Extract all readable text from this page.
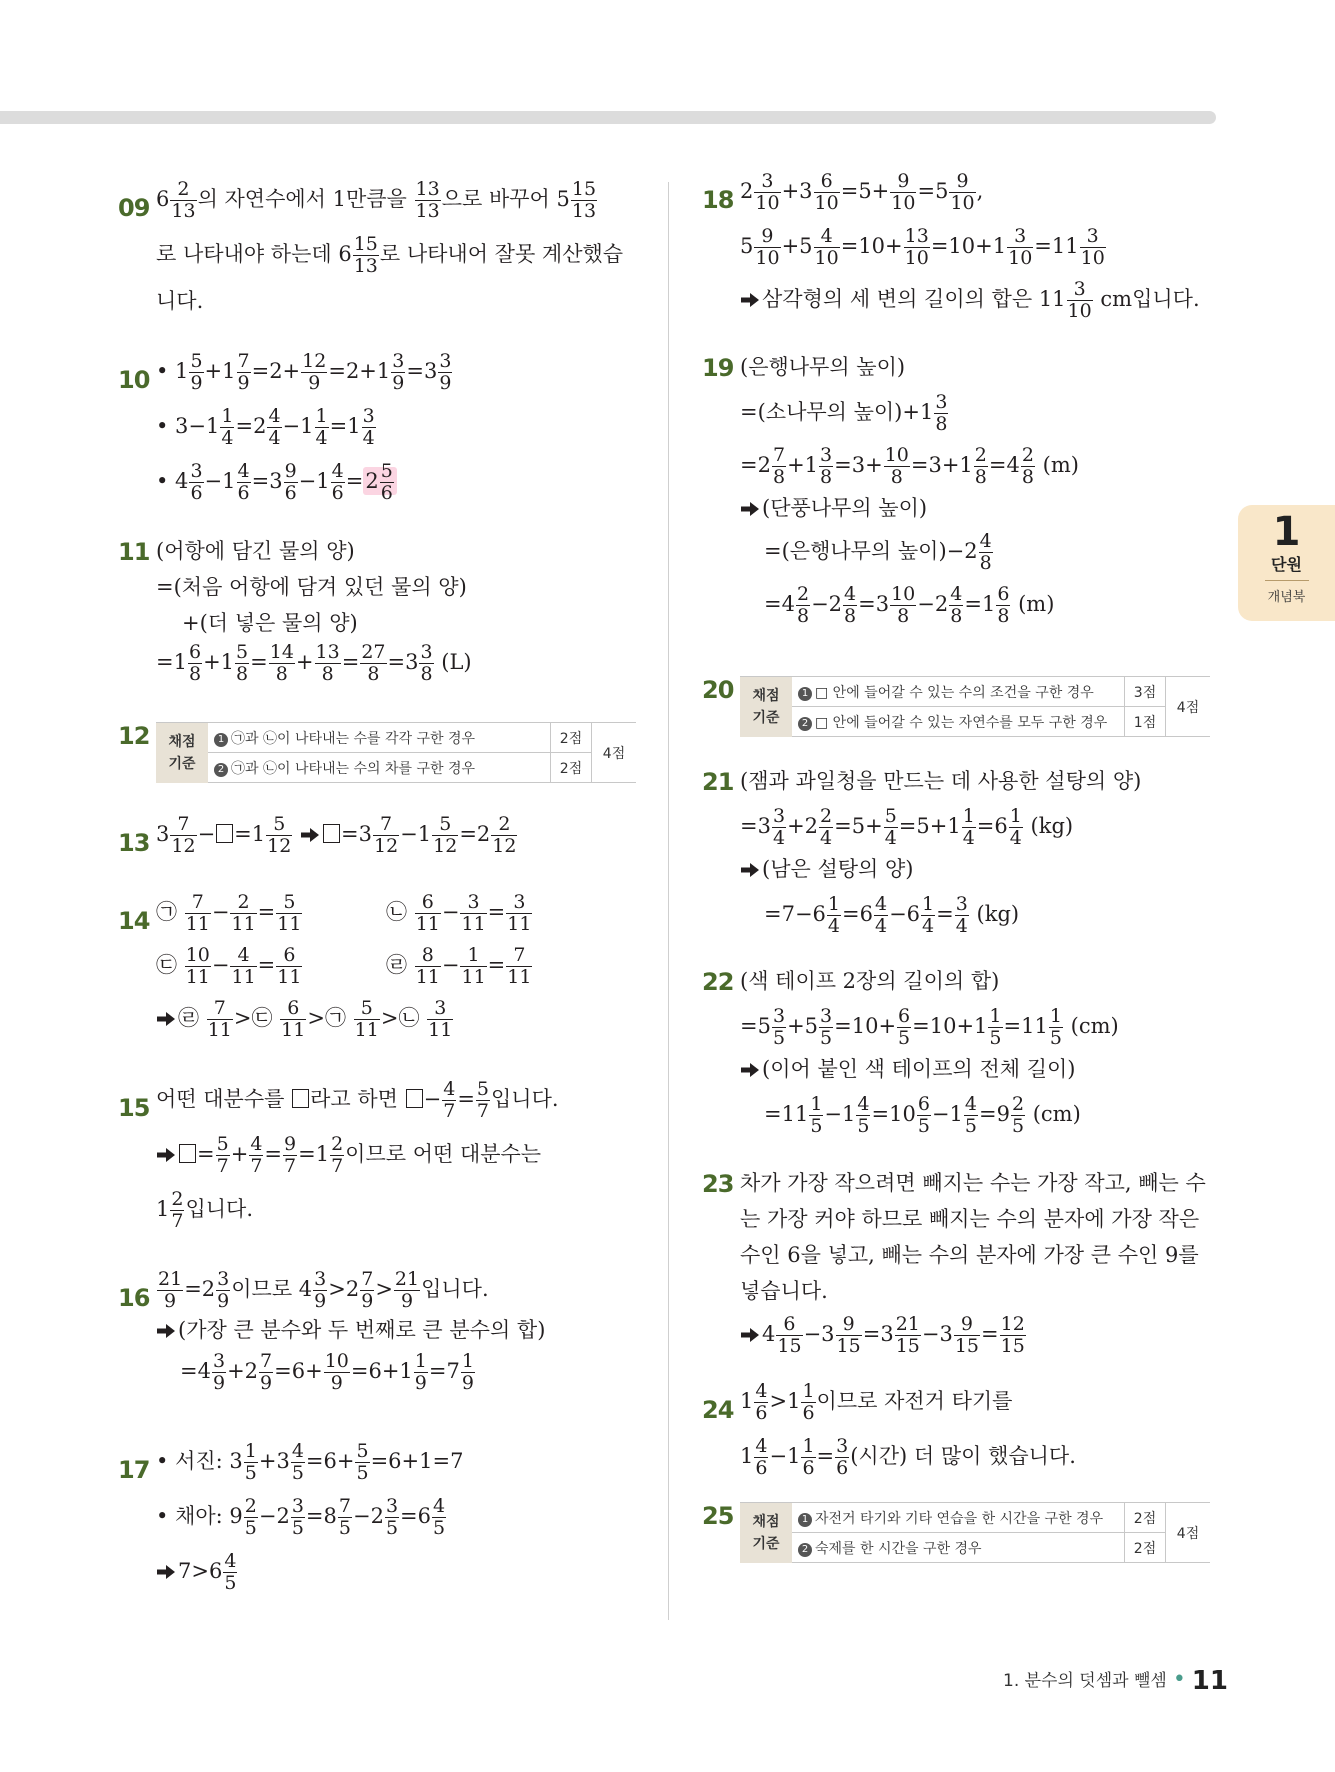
1
단원
개념북
09 $6 \frac{2}{13}$ 의 자연수에서 1만큼을 $\frac{13}{13}$ 으로 바꾸어 $5 \frac{15}{13}$
로 나타내야 하는데 $6 \frac{15}{13}$ 로 나타내어 잘못 계산했습
니다.
10 • $1 \frac{5}{9} +1 \frac{7}{9} =2+ \frac{12}{9} =2+1 \frac{3}{9} =3 \frac{3}{9}$
• $3-1 \frac{1}{4} =2 \frac{4}{4} -1 \frac{1}{4} =1 \frac{3}{4}$
• $4 \frac{3}{6} -1 \frac{4}{6} =3 \frac{9}{6} -1 \frac{4}{6} =2 \frac{5}{6}$
11 (어항에 담긴 물의 양)
=(처음 어항에 담겨 있던 물의 양)
+(더 넣은 물의 양)
$=1 \frac{6}{8} +1 \frac{5}{8} = \frac{14}{8} + \frac{13}{8} = \frac{27}{8} =3 \frac{3}{8} (L)$
12 채점
기준	1 ㉠과 ㉡이 나타내는 수를 각각 구한 경우	2점	4점
	2 ㉠과 ㉡이 나타내는 수의 차를 구한 경우	2점	
13 $3 \frac{7}{12} - =1 \frac{5}{12} =3 \frac{7}{12} -1 \frac{5}{12} =2 \frac{2}{12}$
14 ㉠ $\frac{7}{11} - \frac{2}{11} = \frac{5}{11}$	㉡ $\frac{6}{11} - \frac{3}{11} = \frac{3}{11}$
㉢ $\frac{10}{11} - \frac{4}{11} = \frac{6}{11}$	㉣ $\frac{8}{11} - \frac{1}{11} = \frac{7}{11}$
㉣ $\frac{7}{11}$ >㉢ $\frac{6}{11}$ >㉠ $\frac{5}{11}$ >㉡ $\frac{3}{11}$
15 어떤 대분수를 라고 하면 − $\frac{4}{7} = \frac{5}{7}$ 입니다.
= $\frac{5}{7} + \frac{4}{7} = \frac{9}{7} =1 \frac{2}{7}$ 이므로 어떤 대분수는
$1 \frac{2}{7}$ 입니다.
$16 \frac{21}{9} =2 \frac{3}{9}$ 이므로 $4 \frac{3}{9} >2 \frac{7}{9} > \frac{21}{9}$ 입니다.
(가장 큰 분수와 두 번째로 큰 분수의 합)
$=4 \frac{3}{9} +2 \frac{7}{9} =6+ \frac{10}{9} =6+1 \frac{1}{9} =7 \frac{1}{9}$
17 • 서진: $3 \frac{1}{5} +3 \frac{4}{5} =6+ \frac{5}{5} =6+1=7$
• 채아: $9 \frac{2}{5} -2 \frac{3}{5} =8 \frac{7}{5} -2 \frac{3}{5} =6 \frac{4}{5}$
$7>6 \frac{4}{5}$
18 $2 \frac{3}{10} +3 \frac{6}{10} =5+ \frac{9}{10} =5 \frac{9}{10}$ ,
$5 \frac{9}{10} +5 \frac{4}{10} =10+ \frac{13}{10} =10+1 \frac{3}{10} =11 \frac{3}{10}$
삼각형의 세 변의 길이의 합은 $11 \frac{3}{10}$ cm입니다.
19 (은행나무의 높이)
=(소나무의 높이)$+1 \frac{3}{8}$
$=2 \frac{7}{8} +1 \frac{3}{8} =3+ \frac{10}{8} =3+1 \frac{2}{8} =4 \frac{2}{8} (m)$
(단풍나무의 높이)
=(은행나무의 높이)$-2 \frac{4}{8}$
$=4 \frac{2}{8} -2 \frac{4}{8} =3 \frac{10}{8} -2 \frac{4}{8} =1 \frac{6}{8} (m)$
20 채점
기준	1 □ 안에 들어갈 수 있는 수의 조건을 구한 경우	3점	4점
	2 □ 안에 들어갈 수 있는 자연수를 모두 구한 경우	1점	
21 (잼과 과일청을 만드는 데 사용한 설탕의 양)
$=3 \frac{3}{4} +2 \frac{2}{4} =5+ \frac{5}{4} =5+1 \frac{1}{4} =6 \frac{1}{4} (kg)$
(남은 설탕의 양)
$=7-6 \frac{1}{4} =6 \frac{4}{4} -6 \frac{1}{4} = \frac{3}{4} (kg)$
22 (색 테이프 2장의 길이의 합)
$=5 \frac{3}{5} +5 \frac{3}{5} =10+ \frac{6}{5} =10+1 \frac{1}{5} =11 \frac{1}{5} (cm)$
(이어 붙인 색 테이프의 전체 길이)
$=11 \frac{1}{5} -1 \frac{4}{5} =10 \frac{6}{5} -1 \frac{4}{5} =9 \frac{2}{5} (cm)$
23 차가 가장 작으려면 빼지는 수는 가장 작고, 빼는 수
는 가장 커야 하므로 빼지는 수의 분자에 가장 작은
수인 6을 넣고, 빼는 수의 분자에 가장 큰 수인 9를
넣습니다.
$4 \frac{6}{15} -3 \frac{9}{15} =3 \frac{21}{15} -3 \frac{9}{15} = \frac{12}{15}$
24 $1 \frac{4}{6} >1 \frac{1}{6}$ 이므로 자전거 타기를
$1 \frac{4}{6} -1 \frac{1}{6} = \frac{3}{6}$ (시간) 더 많이 했습니다.
25 채점
기준	1 자전거 타기와 기타 연습을 한 시간을 구한 경우	2점	4점
	2 숙제를 한 시간을 구한 경우	2점	
1. 분수의 덧셈과 뺄셈 • 11
